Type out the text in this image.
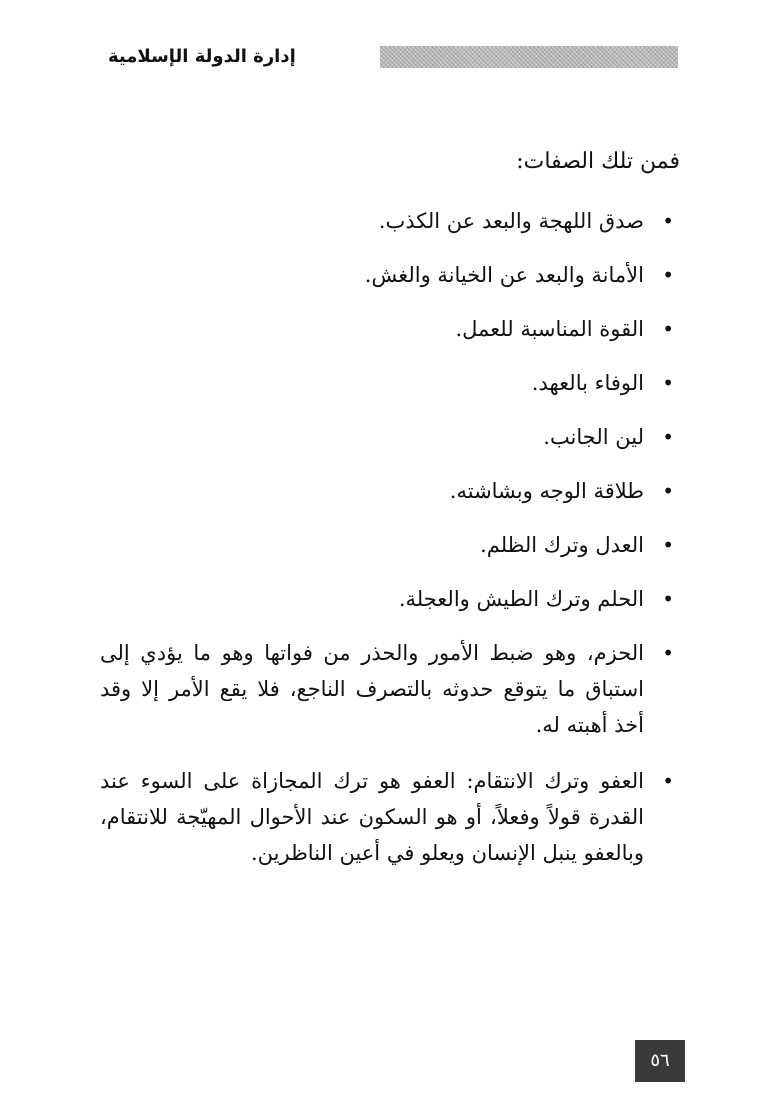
إدارة الدولة الإسلامية

فمن تلك الصفات:

•
صدق اللهجة والبعد عن الكذب.
•
الأمانة والبعد عن الخيانة والغش.
•
القوة المناسبة للعمل.
•
الوفاء بالعهد.
•
لين الجانب.
•
طلاقة الوجه وبشاشته.
•
العدل وترك الظلم.
•
الحلم وترك الطيش والعجلة.
•
الحزم، وهو ضبط الأمور والحذر من فواتها وهو ما يؤدي إلى استباق ما يتوقع حدوثه بالتصرف الناجع، فلا يقع الأمر إلا وقد أخذ أهبته له.
•
العفو وترك الانتقام: العفو هو ترك المجازاة على السوء عند القدرة قولاً وفعلاً، أو هو السكون عند الأحوال المهيّجة للانتقام، وبالعفو ينبل الإنسان ويعلو في أعين الناظرين.
٥٦
